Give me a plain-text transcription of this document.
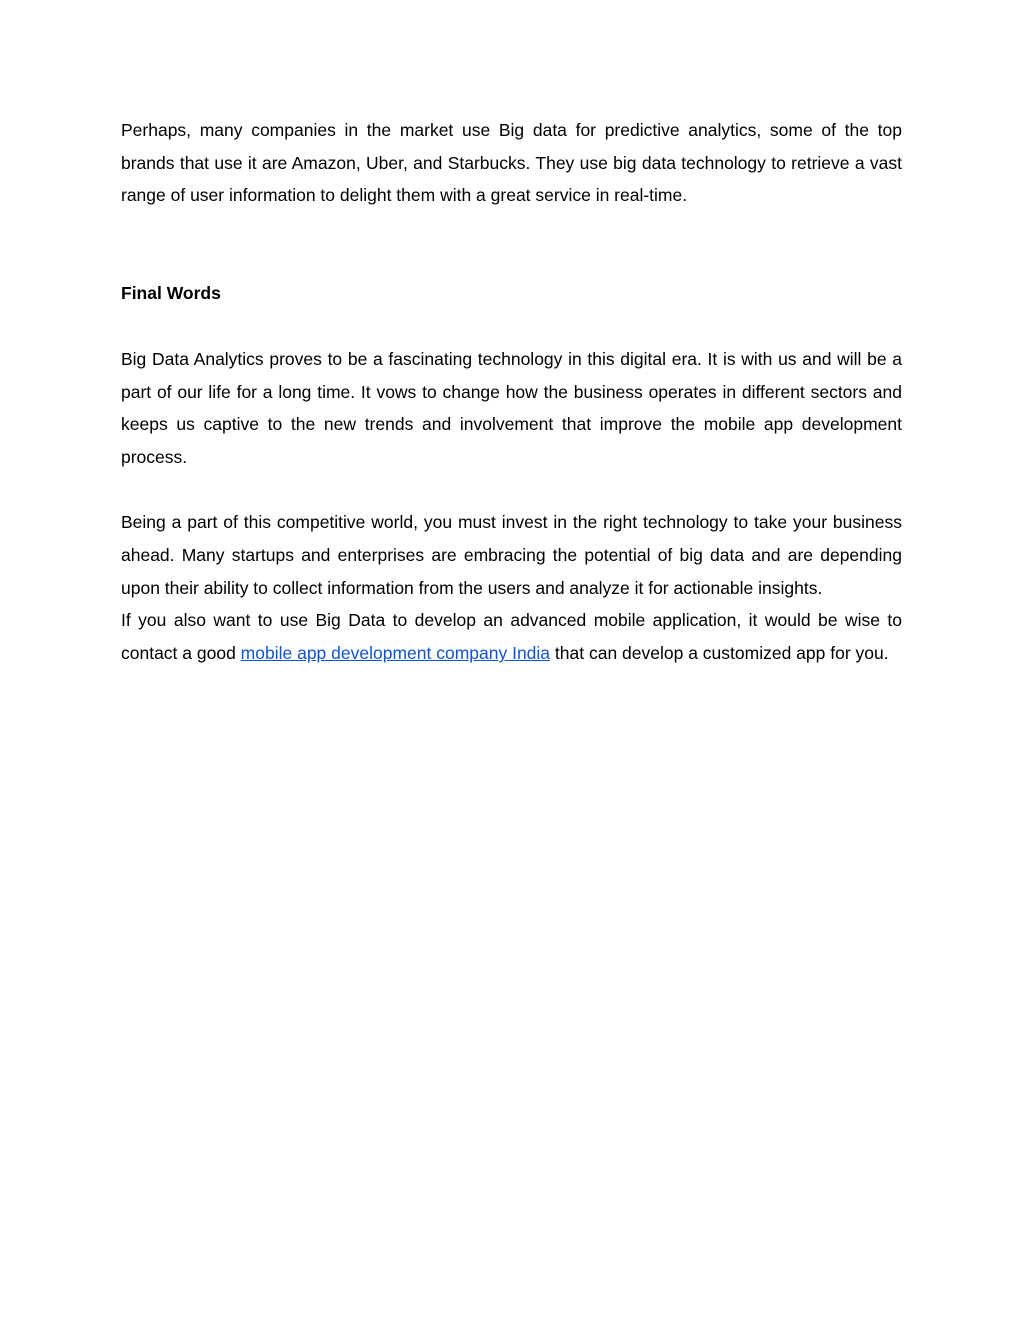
Perhaps, many companies in the market use Big data for predictive analytics, some of the top brands that use it are Amazon, Uber, and Starbucks. They use big data technology to retrieve a vast range of user information to delight them with a great service in real-time.

Final Words

Big Data Analytics proves to be a fascinating technology in this digital era. It is with us and will be a part of our life for a long time. It vows to change how the business operates in different sectors and keeps us captive to the new trends and involvement that improve the mobile app development process.

Being a part of this competitive world, you must invest in the right technology to take your business ahead. Many startups and enterprises are embracing the potential of big data and are depending upon their ability to collect information from the users and analyze it for actionable insights.

If you also want to use Big Data to develop an advanced mobile application, it would be wise to contact a good mobile app development company India that can develop a customized app for you.
